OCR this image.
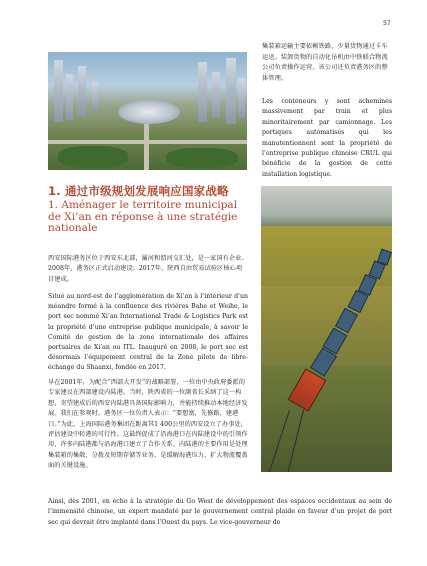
57
集装箱运输主要依赖铁路，少量货物通过卡车运送。装卸货物的自动化吊机由中铁联合物流公司负责操作运营，该公司还负责港务区的整体管理。
Les conteneurs y sont acheminés massivement par train et plus minoritairement par camionnage. Les portiques automatisés qui les manutentionnent sont la propriété de l’entreprise publique chinoise CRU⁠L qui bénéficie de la gestion de cette installation logistique.
1. 通过市级规划发展响应国家战略
1. Aménager le territoire municipal de Xi’an en réponse à une stratégie nationale
西安国际港务区位于西安东北部，灞河和渭河交汇处，是一家国有企业。2008年，港务区正式启动建设；2017年，陕西自由贸易试验区核心项目建成。
Situé au nord-est de l’agglomération de Xi’an à l’intérieur d’un méandre formé à la confluence des rivières Bahe et Weihe, le port sec nommé Xi’an International Trade & Logistics Park est la propriété d’une entreprise publique municipale, à savoir le Comité de gestion de la zone internationale des affaires portuaires de Xi’an ou ITL. Inauguré en 2008, le port sec est désormais l’équipement central de la Zone pilote de libre-échange du Shaanxi, fondée en 2017.
早在2001年，为配合“西部大开发”的战略部署，一位由中央政府委派的专家建议在西部建设内陆港。当时，陕西省的一位副省长采纳了这一构想，寄望建成后的西安内陆港具备国际影响力，并能持续推动本地经济发展。我们在参观时，港务区一位负责人表示：“要想富，先修路，建港口。”为此，上海国际港务集团在距离其1 400公里的西安设立了办事处，评估建设中转港的可行性。这最终促成了沿海港口在内陆建设中的引领作用，许多内陆港都与沿海港口建立了合作关系。内陆港的主要作用是处理集装箱的集散、分拨及短期存储等业务，是缓解海港压力、扩大物流覆盖面的关键设施。
Ainsi, dès 2001, en écho à la stratégie du Go West de développement des espaces occidentaux au sein de l’immensité chinoise, un expert mandaté par le gouvernement central plaide en faveur d’un projet de port sec qui devrait être implanté dans l’Ouest du pays. Le vice-gouverneur de
